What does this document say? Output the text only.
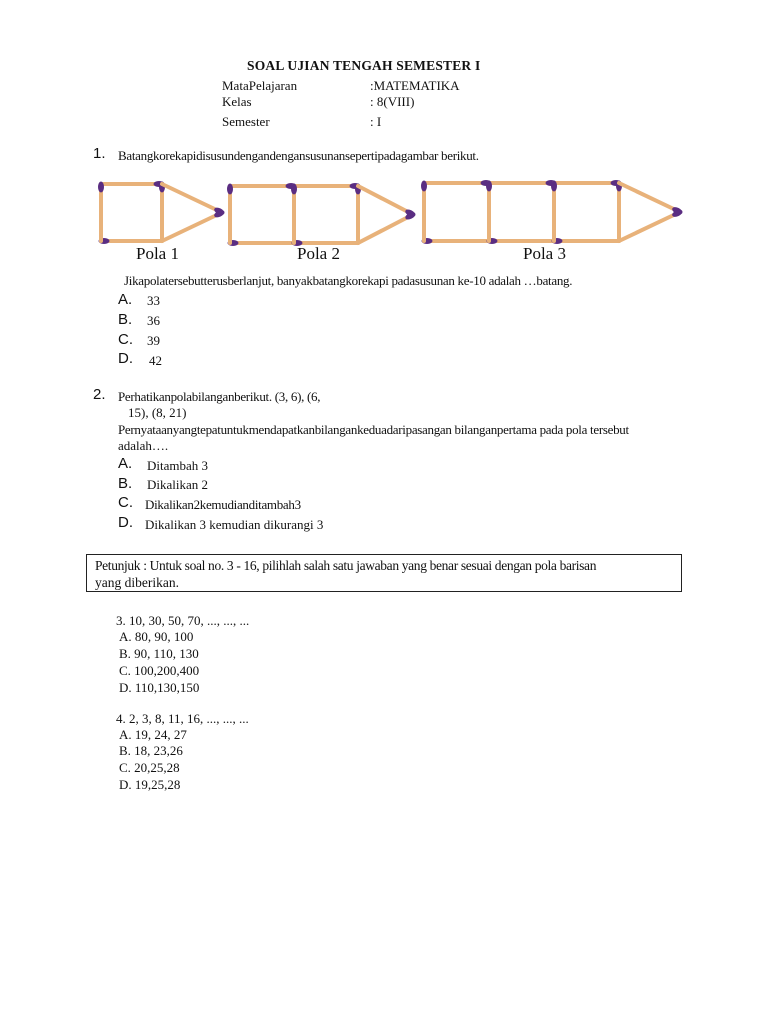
SOAL UJIAN TENGAH SEMESTER I
MataPelajaran	:MATEMATIKA
Kelas	: 8(VIII)
Semester	: I
1. Batangkorekapidisusundengandengansusunansepertipadagambar berikut.
Pola 1	Pola 2	Pola 3
Jikapolatersebutterusberlanjut, banyakbatangkorekapi padasusunan ke-10 adalah …batang.
A. 33
B. 36
C. 39
D. 42
2. Perhatikanpolabilanganberikut. (3, 6), (6,
15), (8, 21)
Pernyataanyangtepatuntukmendapatkanbilangankeduadaripasangan bilanganpertama pada pola tersebut
adalah….
A. Ditambah 3
B. Dikalikan 2
C. Dikalikan2kemudianditambah3
D. Dikalikan 3 kemudian dikurangi 3
Petunjuk : Untuk soal no. 3 - 16, pilihlah salah satu jawaban yang benar sesuai dengan pola barisan
yang diberikan.
3. 10, 30, 50, 70, ..., ..., ...
A. 80, 90, 100
B. 90, 110, 130
C. 100,200,400
D. 110,130,150
4. 2, 3, 8, 11, 16, ..., ..., ...
A. 19, 24, 27
B. 18, 23,26
C. 20,25,28
D. 19,25,28
